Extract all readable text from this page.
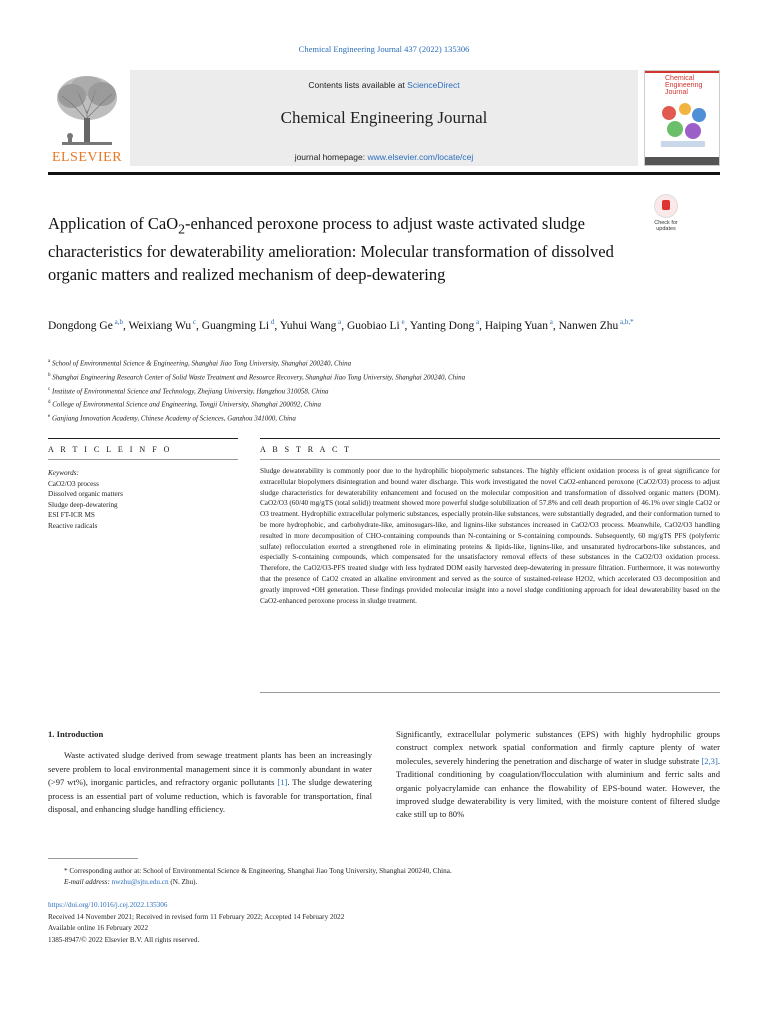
Chemical Engineering Journal 437 (2022) 135306
ELSEVIER
Contents lists available at ScienceDirect
Chemical Engineering Journal
journal homepage: www.elsevier.com/locate/cej
Chemical Engineering Journal
Application of CaO$_2$-enhanced peroxone process to adjust waste activated sludge characteristics for dewaterability amelioration: Molecular transformation of dissolved organic matters and realized mechanism of deep-dewatering
Check for updates
Dongdong Ge $^{a,b}$, Weixiang Wu $^c$, Guangming Li $^d$, Yuhui Wang $^a$, Guobiao Li $^e$, Yanting Dong $^a$, Haiping Yuan $^a$, Nanwen Zhu $^{a,b,*}$
$^a$ School of Environmental Science & Engineering, Shanghai Jiao Tong University, Shanghai 200240, China
$^b$ Shanghai Engineering Research Center of Solid Waste Treatment and Resource Recovery, Shanghai Jiao Tong University, Shanghai 200240, China
$^c$ Institute of Environmental Science and Technology, Zhejiang University, Hangzhou 310058, China
$^d$ College of Environmental Science and Engineering, Tongji University, Shanghai 200092, China
$^e$ Ganjiang Innovation Academy, Chinese Academy of Sciences, Ganzhou 341000, China
A R T I C L E I N F O	A B S T R A C T
Keywords:
CaO2/O3 process
Dissolved organic matters
Sludge deep-dewatering
ESI FT-ICR MS
Reactive radicals
Sludge dewaterability is commonly poor due to the hydrophilic biopolymeric substances. The highly efficient oxidation process is of great significance for extracellular biopolymers disintegration and bound water discharge. This work investigated the novel CaO2-enhanced peroxone (CaO2/O3) process to adjust sludge characteristics for dewaterability enhancement and focused on the molecular composition and transformation of dissolved organic matters (DOM). CaO2/O3 (60/40 mg/gTS (total solid)) treatment showed more powerful sludge solubilization of 57.8% and cell death proportion of 46.1% over single CaO2 or O3 treatment. Hydrophilic extracellular polymeric substances, especially protein-like substances, were substantially degraded, and their conformation turned to be more hydrophobic, and carbohydrate-like, aminosugars-like, and lignins-like substances increased in CaO2/O3 process. Meanwhile, CaO2/O3 handling resulted in more decomposition of CHO-containing compounds than N-containing or S-containing compounds. Subsequently, 60 mg/gTS PFS (polyferric sulfate) reflocculation exerted a strengthened role in eliminating proteins & lipids-like, lignins-like, and unsaturated hydrocarbons-like substances, and especially S-containing compounds, which compensated for the unsatisfactory removal effects of these substances in the CaO2/O3 oxidation process. Therefore, the CaO2/O3-PFS treated sludge with less hydrated DOM easily harvested deep-dewatering in pressure filtration. Furthermore, it was noteworthy that the presence of CaO2 created an alkaline environment and served as the source of sustained-release H2O2, which accelerated O3 decomposition and greatly improved •OH generation. These findings provided molecular insight into a novel sludge conditioning approach for ideal dewaterability based on the CaO2-enhanced peroxone process in sludge treatment.
1. Introduction
Waste activated sludge derived from sewage treatment plants has been an increasingly severe problem to local environmental management since it is commonly abundant in water (>97 wt%), inorganic particles, and refractory organic pollutants [1]. The sludge dewatering process is an essential part of volume reduction, which is favorable for transportation, final disposal, and enhancing sludge handling efficiency.
Significantly, extracellular polymeric substances (EPS) with highly hydrophilic groups construct complex network spatial conformation and firmly capture plenty of water molecules, severely hindering the penetration and discharge of water in sludge substrate [2,3]. Traditional conditioning by coagulation/flocculation with aluminium and ferric salts and organic polyacrylamide can enhance the flowability of EPS-bound water. However, the improved sludge dewaterability is very limited, with the moisture content of filtered sludge cake still up to 80%
* Corresponding author at: School of Environmental Science & Engineering, Shanghai Jiao Tong University, Shanghai 200240, China.
E-mail address: nwzhu@sjtu.edu.cn (N. Zhu).
https://doi.org/10.1016/j.cej.2022.135306
Received 14 November 2021; Received in revised form 11 February 2022; Accepted 14 February 2022
Available online 16 February 2022
1385-8947/© 2022 Elsevier B.V. All rights reserved.
